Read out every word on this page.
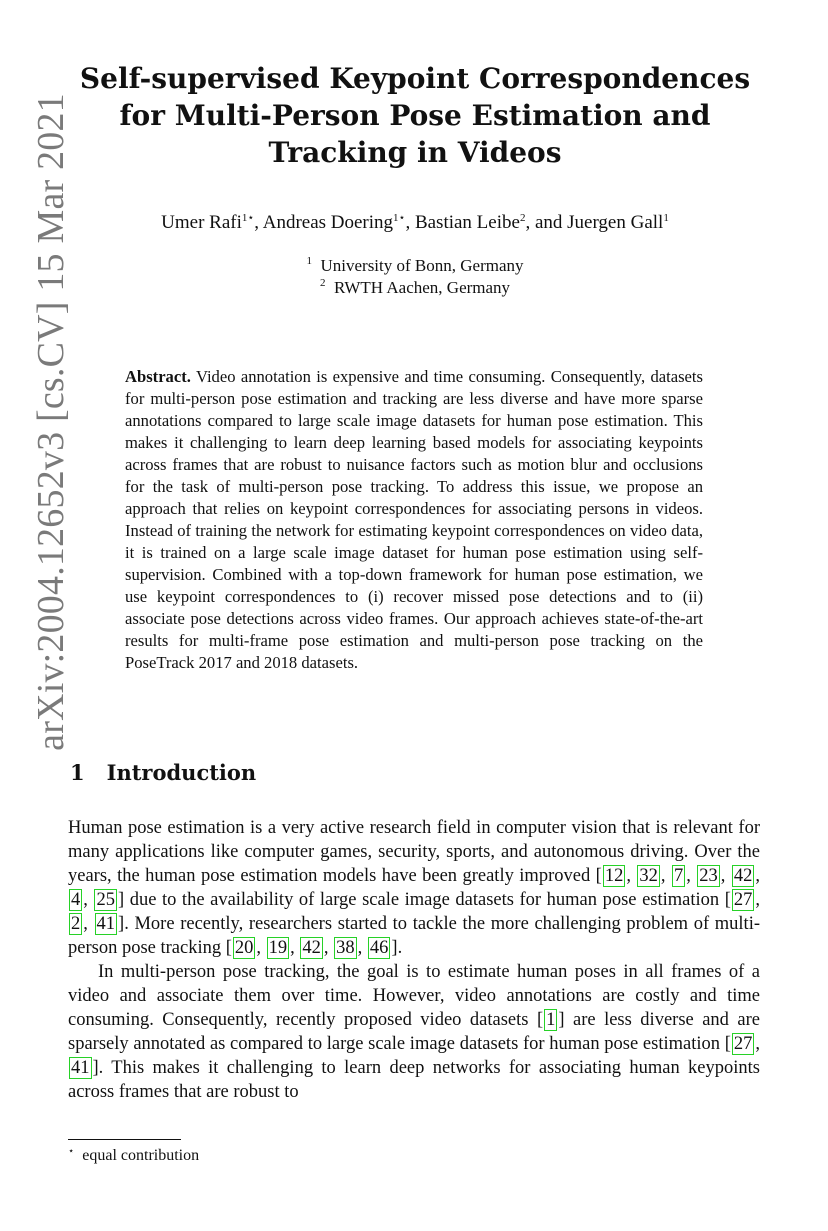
arXiv:2004.12652v3 [cs.CV] 15 Mar 2021
Self-supervised Keypoint Correspondences for Multi-Person Pose Estimation and Tracking in Videos
Umer Rafi$^{1⋆}$, Andreas Doering$^{1⋆}$, Bastian Leibe$^2$, and Juergen Gall$^1$
$^1$ University of Bonn, Germany
$^2$ RWTH Aachen, Germany
Abstract. Video annotation is expensive and time consuming. Consequently, datasets for multi-person pose estimation and tracking are less diverse and have more sparse annotations compared to large scale image datasets for human pose estimation. This makes it challenging to learn deep learning based models for associating keypoints across frames that are robust to nuisance factors such as motion blur and occlusions for the task of multi-person pose tracking. To address this issue, we propose an approach that relies on keypoint correspondences for associating persons in videos. Instead of training the network for estimating keypoint correspondences on video data, it is trained on a large scale image dataset for human pose estimation using self-supervision. Combined with a top-down framework for human pose estimation, we use keypoint correspondences to (i) recover missed pose detections and to (ii) associate pose detections across video frames. Our approach achieves state-of-the-art results for multi-frame pose estimation and multi-person pose tracking on the PoseTrack 2017 and 2018 datasets.
1 Introduction

Human pose estimation is a very active research field in computer vision that is relevant for many applications like computer games, security, sports, and autonomous driving. Over the years, the human pose estimation models have been greatly improved [ 12 , 32 , 7 , 23 , 42 , 4 , 25 ] due to the availability of large scale image datasets for human pose estimation [ 27 , 2 , 41 ]. More recently, researchers started to tackle the more challenging problem of multi-person pose tracking [ 20 , 19 , 42 , 38 , 46 ].

In multi-person pose tracking, the goal is to estimate human poses in all frames of a video and associate them over time. However, video annotations are costly and time consuming. Consequently, recently proposed video datasets [ 1 ] are less diverse and are sparsely annotated as compared to large scale image datasets for human pose estimation [ 27 , 41 ]. This makes it challenging to learn deep networks for associating human keypoints across frames that are robust to

⋆ equal contribution
